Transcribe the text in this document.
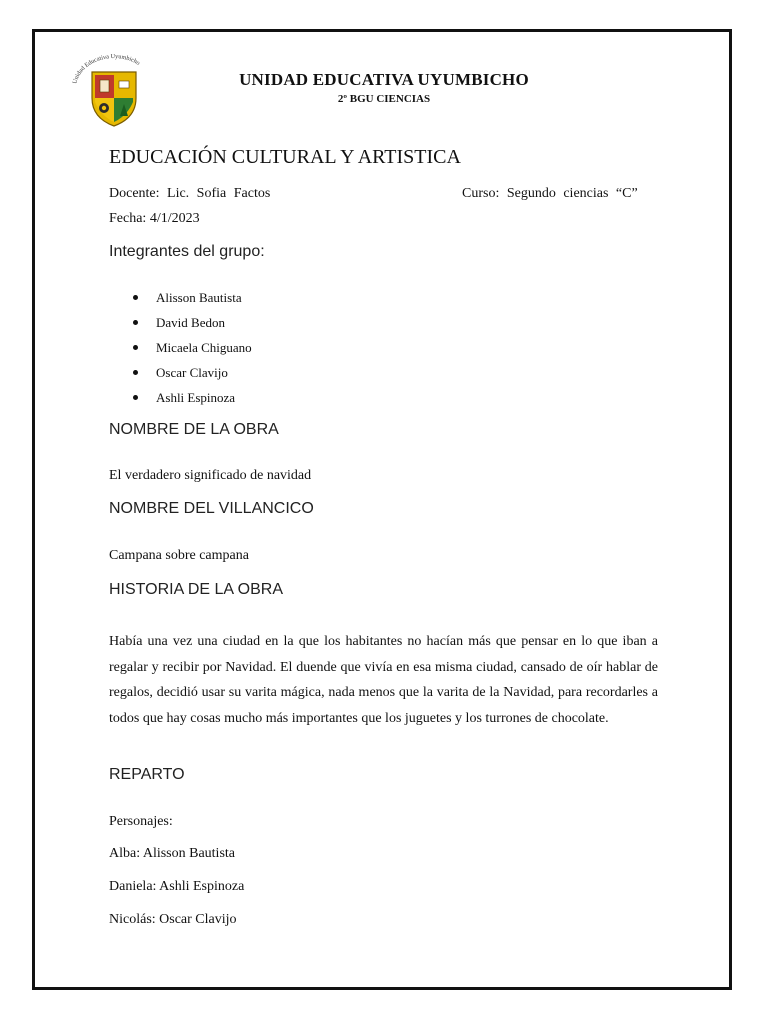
Unidad Educativa Uyumbicho
UNIDAD EDUCATIVA UYUMBICHO
2º BGU CIENCIAS
EDUCACIÓN CULTURAL Y ARTISTICA
Docente: Lic. Sofia Factos	Curso: Segundo ciencias “C”
Fecha: 4/1/2023
Integrantes del grupo:
Alisson Bautista
David Bedon
Micaela Chiguano
Oscar Clavijo
Ashli Espinoza
NOMBRE DE LA OBRA
El verdadero significado de navidad
NOMBRE DEL VILLANCICO
Campana sobre campana
HISTORIA DE LA OBRA
Había una vez una ciudad en la que los habitantes no hacían más que pensar en lo que iban a regalar y recibir por Navidad. El duende que vivía en esa misma ciudad, cansado de oír hablar de regalos, decidió usar su varita mágica, nada menos que la varita de la Navidad, para recordarles a todos que hay cosas mucho más importantes que los juguetes y los turrones de chocolate.
REPARTO
Personajes:
Alba: Alisson Bautista
Daniela: Ashli Espinoza
Nicolás: Oscar Clavijo
